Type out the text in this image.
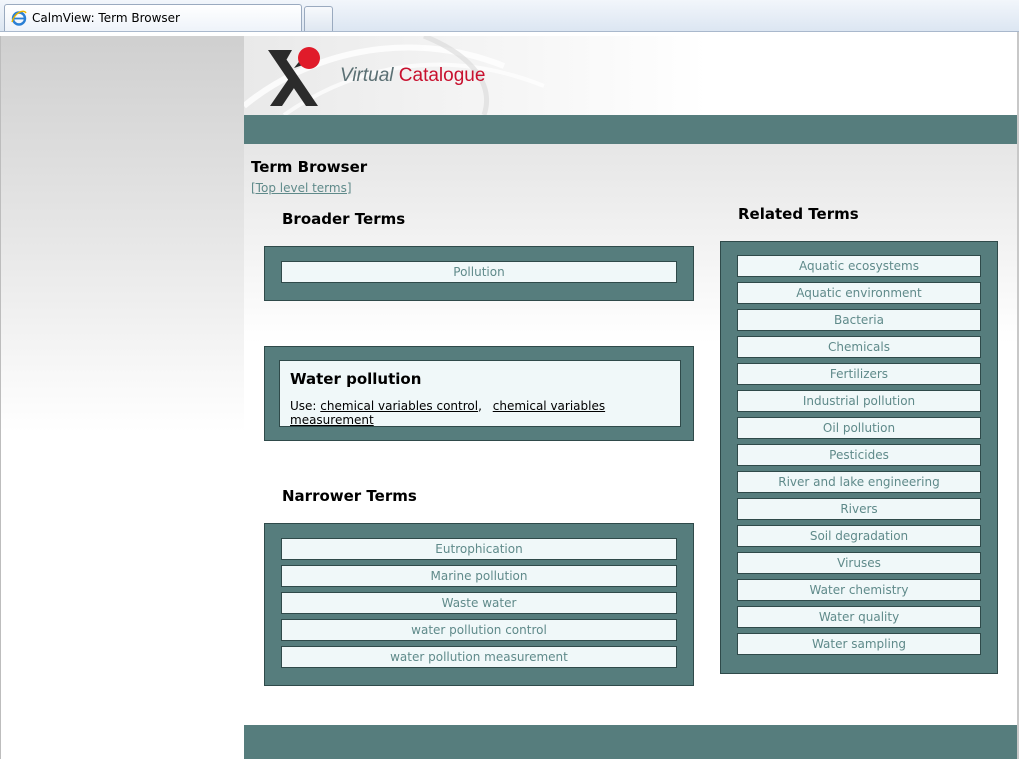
CalmView: Term Browser
Virtual Catalogue
Term Browser
[Top level terms]
Broader Terms
Pollution
Water pollution
Use: chemical variables control, chemical variables measurement
Narrower Terms
Eutrophication
Marine pollution
Waste water
water pollution control
water pollution measurement
Related Terms
Aquatic ecosystems
Aquatic environment
Bacteria
Chemicals
Fertilizers
Industrial pollution
Oil pollution
Pesticides
River and lake engineering
Rivers
Soil degradation
Viruses
Water chemistry
Water quality
Water sampling
